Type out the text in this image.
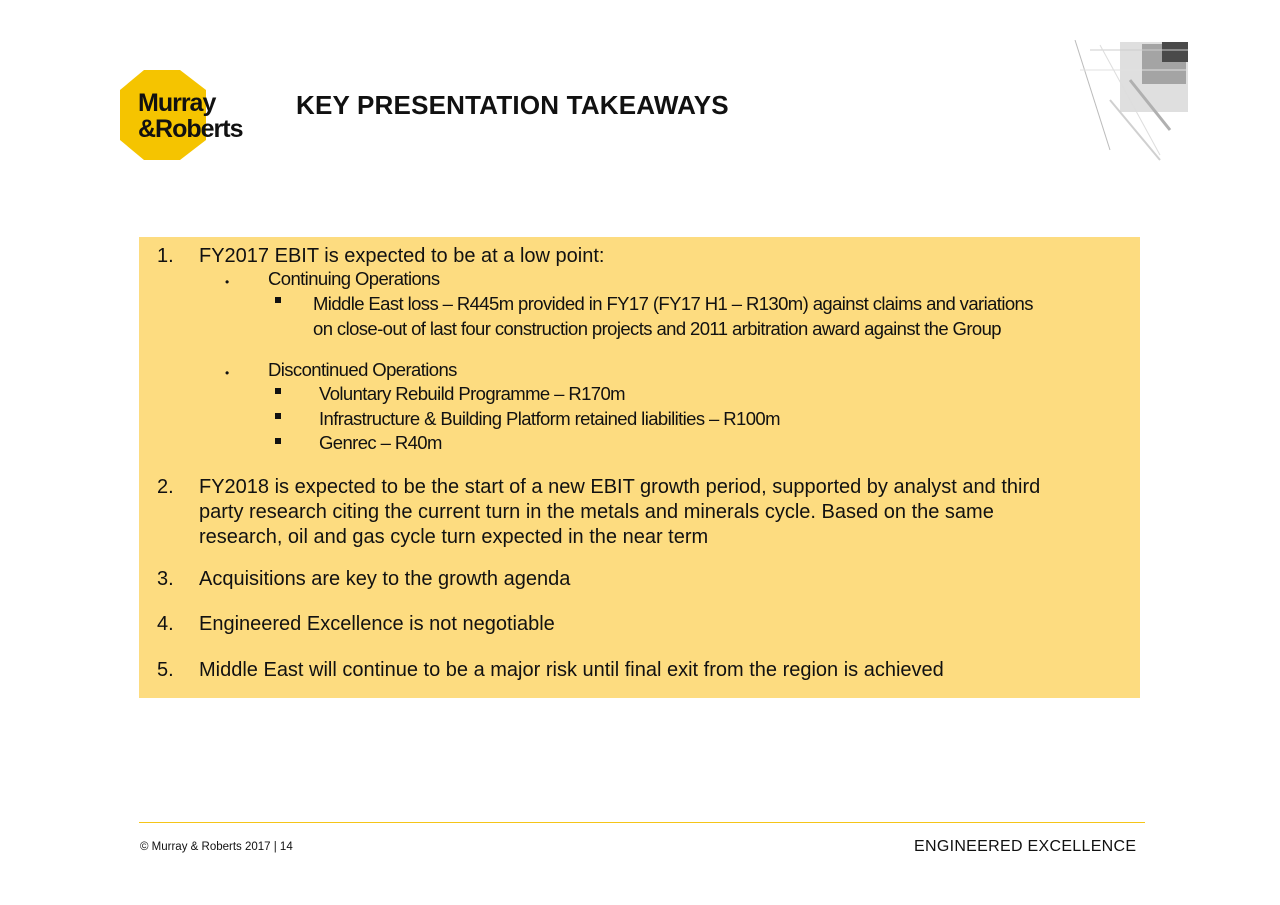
Murray
&Roberts
KEY PRESENTATION TAKEAWAYS
1. FY2017 EBIT is expected to be at a low point:
• Continuing Operations
Middle East loss – R445m provided in FY17 (FY17 H1 – R130m) against claims and variations
on close-out of last four construction projects and 2011 arbitration award against the Group
• Discontinued Operations
Voluntary Rebuild Programme – R170m
Infrastructure & Building Platform retained liabilities – R100m
Genrec – R40m
2. FY2018 is expected to be the start of a new EBIT growth period, supported by analyst and third
party research citing the current turn in the metals and minerals cycle. Based on the same
research, oil and gas cycle turn expected in the near term
3. Acquisitions are key to the growth agenda
4. Engineered Excellence is not negotiable
5. Middle East will continue to be a major risk until final exit from the region is achieved
© Murray & Roberts 2017 | 14	ENGINEERED EXCELLENCE
